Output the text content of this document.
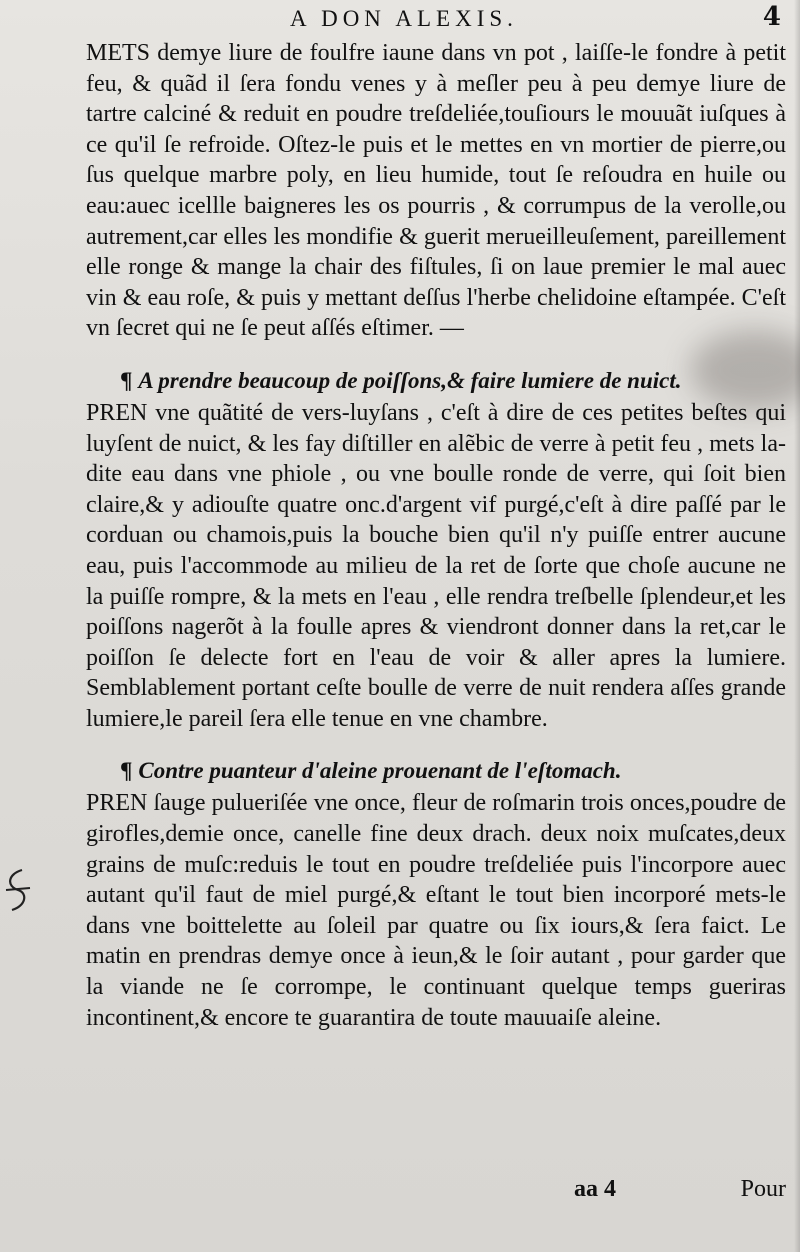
A DON ALEXIS.	4

METS demye liure de foulfre iaune dans vn pot , laiſſe-le fondre à petit feu, & quãd il ſera fondu venes y à meſler peu à peu demye liure de tartre calciné & reduit en poudre treſdeliée,touſiours le mouuãt iuſques à ce qu'il ſe refroide. Oſtez-le puis et le mettes en vn mortier de pierre,ou ſus quelque marbre poly, en lieu humide, tout ſe reſoudra en huile ou eau:auec icellle baigneres les os pourris , & corrumpus de la verolle,ou autrement,car elles les mondifie & guerit merueilleuſement, pareillement elle ronge & mange la chair des fiſtules, ſi on laue premier le mal auec vin & eau roſe, & puis y mettant deſſus l'herbe chelidoine eſtampée. C'eſt vn ſecret qui ne ſe peut aſſés eſtimer. —

¶ A prendre beaucoup de poiſſons,& faire lumiere de nuict.

PREN vne quãtité de vers-luyſans , c'eſt à dire de ces petites beſtes qui luyſent de nuict, & les fay diſtiller en alẽbic de verre à petit feu , mets la-dite eau dans vne phiole , ou vne boulle ronde de verre, qui ſoit bien claire,& y adiouſte quatre onc.d'argent vif purgé,c'eſt à dire paſſé par le corduan ou chamois,puis la bouche bien qu'il n'y puiſſe entrer aucune eau, puis l'accommode au milieu de la ret de ſorte que choſe aucune ne la puiſſe rompre, & la mets en l'eau , elle rendra treſbelle ſplendeur,et les poiſſons nagerõt à la foulle apres & viendront donner dans la ret,car le poiſſon ſe delecte fort en l'eau de voir & aller apres la lumiere. Semblablement portant ceſte boulle de verre de nuit rendera aſſes grande lumiere,le pareil ſera elle tenue en vne chambre.

¶ Contre puanteur d'aleine prouenant de l'eſtomach.

PREN ſauge pulueriſée vne once, fleur de roſmarin trois onces,poudre de girofles,demie once, canelle fine deux drach. deux noix muſcates,deux grains de muſc:reduis le tout en poudre treſdeliée puis l'incorpore auec autant qu'il faut de miel purgé,& eſtant le tout bien incorporé mets-le dans vne boittelette au ſoleil par quatre ou ſix iours,& ſera faict. Le matin en prendras demye once à ieun,& le ſoir autant , pour garder que la viande ne ſe corrompe, le continuant quelque temps gueriras incontinent,& encore te guarantira de toute mauuaiſe aleine.

aa 4	Pour
